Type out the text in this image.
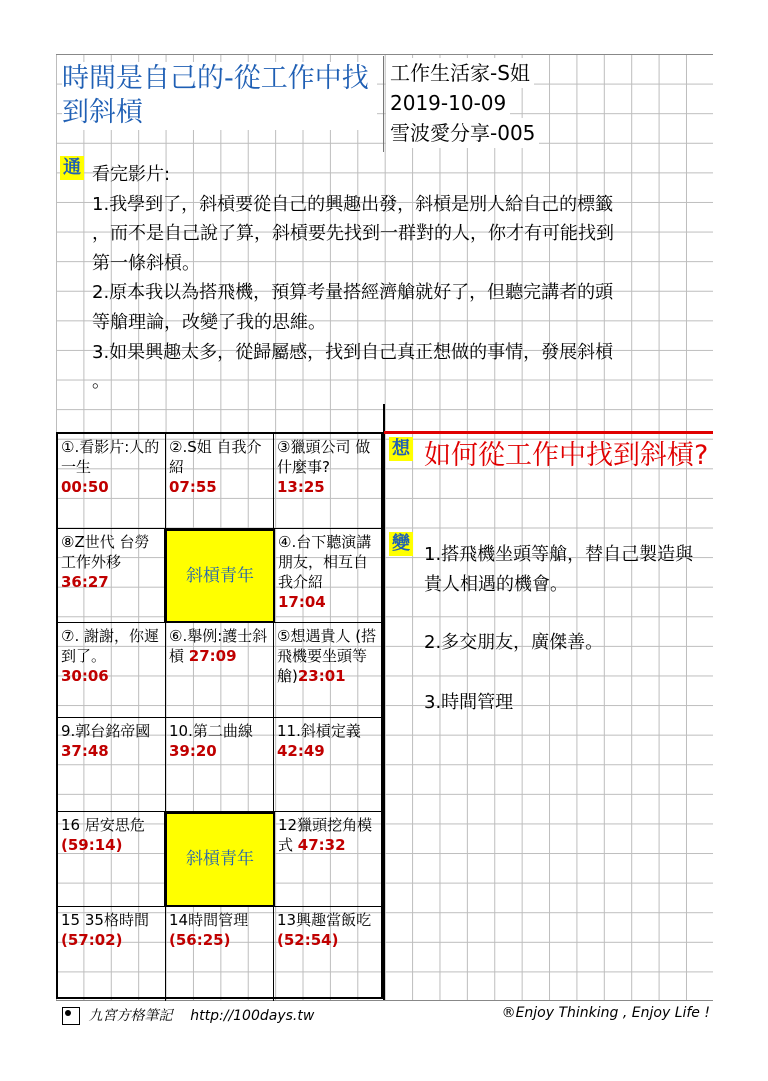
時間是自己的-從工作中找到斜槓
工作生活家-S姐
2019-10-09
雪波愛分享-005
通 看完影片:
1.我學到了，斜槓要從自己的興趣出發，斜槓是別人給自己的標籤
，而不是自己說了算，斜槓要先找到一群對的人，你才有可能找到
第一條斜槓。
2.原本我以為搭飛機，預算考量搭經濟艙就好了，但聽完講者的頭
等艙理論，改變了我的思維。
3.如果興趣太多，從歸屬感，找到自己真正想做的事情，發展斜槓
。
①.看影片:人的一生
00:50
②.S姐 自我介紹
07:55
③獵頭公司 做什麼事?
13:25
⑧Z世代 台勞工作外移 36:27	斜槓青年
④.台下聽演講朋友，相互自我介紹
17:04
⑦. 謝謝，你遲到了。
30:06
⑥.舉例:護士斜槓 27:09
⑤想遇貴人 (搭飛機要坐頭等艙)23:01
9.郭台銘帝國 37:48
10.第二曲線
39:20
11.斜槓定義
42:49
16 居安思危(59:14)
斜槓青年
12獵頭挖角模式 47:32
15 35格時間
(57:02)
14時間管理
(56:25)
13興趣當飯吃
(52:54)
想 如何從工作中找到斜槓?
變
1.搭飛機坐頭等艙，替自己製造與貴人相遇的機會。
2.多交朋友，廣傑善。
3.時間管理
九宮方格筆記 http://100days.tw	®Enjoy Thinking , Enjoy Life !
